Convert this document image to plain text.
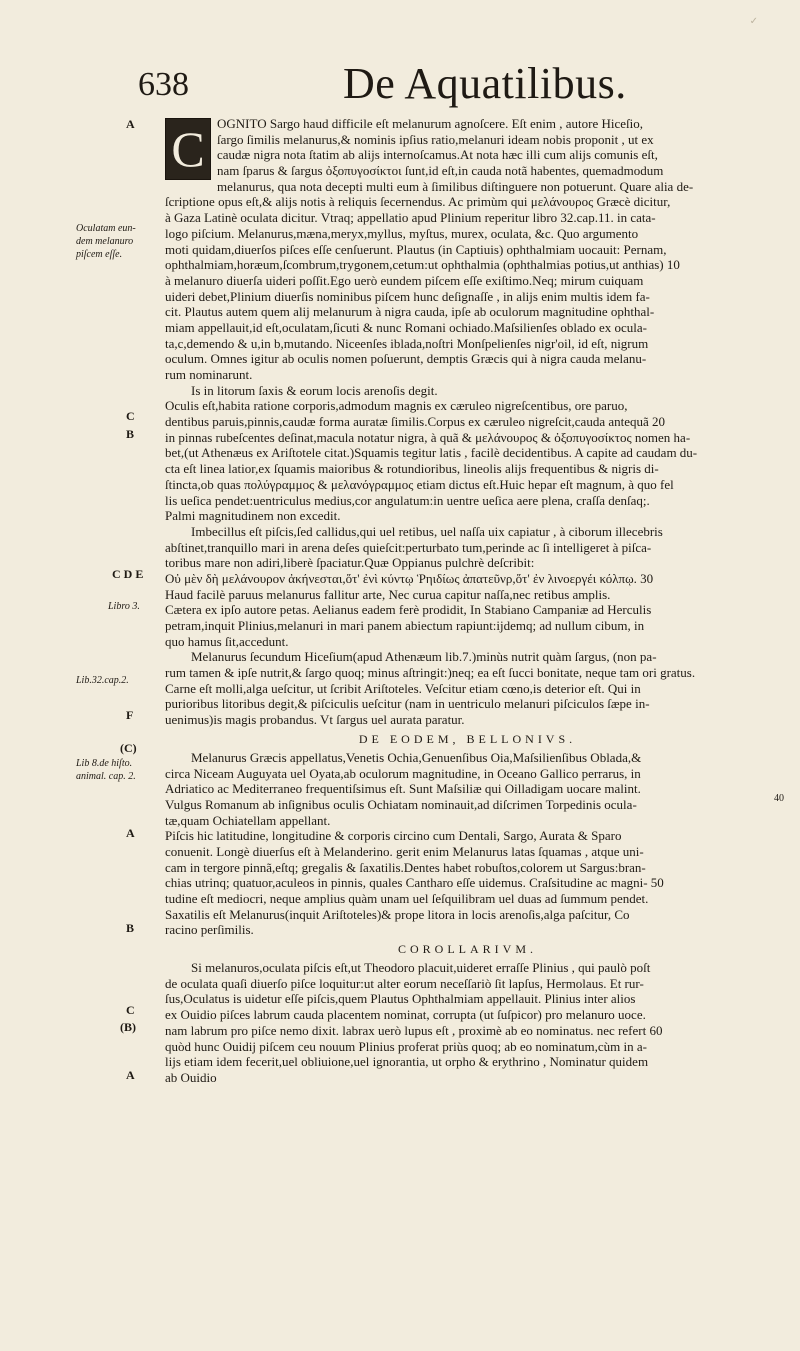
638	De Aquatilibus.
✓
A
C
B
C D E
F
(C)
A
B
C
(B)
A
Oculatam eun- dem melanuro piſcem eſſe.
Libro 3.
Lib.32.cap.2.
Lib 8.de hiſto. animal. cap. 2.
40
C OGNITO Sargo haud difficile eſt melanurum agnoſcere. Eſt enim , autore Hiceſio,
ſargo ſimilis melanurus,& nominis ipſius ratio,melanuri ideam nobis proponit , ut ex
caudæ nigra nota ſtatim ab alijs internoſcamus.At nota hæc illi cum alijs comunis eſt,
nam ſparus & ſargus ὀξοπυγοσίκτοι ſunt,id eſt,in cauda notã habentes, quemadmodum
melanurus, qua nota decepti multi eum à ſimilibus diſtinguere non potuerunt. Quare alia de-
ſcriptione opus eſt,& alijs notis à reliquis ſecernendus. Ac primùm qui μελάνουρος Græcè dicitur,
à Gaza Latinè oculata dicitur. Vtraq; appellatio apud Plinium reperitur libro 32.cap.11. in cata-
logo piſcium. Melanurus,mæna,meryx,myllus, myſtus, murex, oculata, &c. Quo argumento
moti quidam,diuerſos piſces eſſe cenſuerunt. Plautus (in Captiuis) ophthalmiam uocauit: Pernam,
ophthalmiam,horæum,ſcombrum,trygonem,cetum:ut ophthalmia (ophthalmias potius,ut anthias) 10
à melanuro diuerſa uideri poſſit.Ego uerò eundem piſcem eſſe exiſtimo.Neq; mirum cuiquam
uideri debet,Plinium diuerſis nominibus piſcem hunc deſignaſſe , in alijs enim multis idem fa-
cit. Plautus autem quem alij melanurum à nigra cauda, ipſe ab oculorum magnitudine ophthal-
miam appellauit,id eſt,oculatam,ſicuti & nunc Romani ochiado.Maſsilienſes oblado ex ocula-
ta,c,demendo & u,in b,mutando. Niceenſes iblada,noſtri Monſpelienſes nigr'oil, id eſt, nigrum
oculum. Omnes igitur ab oculis nomen poſuerunt, demptis Græcis qui à nigra cauda melanu-
rum nominarunt.
Is in litorum ſaxis & eorum locis arenoſis degit.
Oculis eſt,habita ratione corporis,admodum magnis ex cæruleo nigreſcentibus, ore paruo,
dentibus paruis,pinnis,caudæ forma auratæ ſimilis.Corpus ex cæruleo nigreſcit,cauda antequã 20
in pinnas rubeſcentes deſinat,macula notatur nigra, à quã & μελάνουρος & ὀξοπυγοσίκτος nomen ha-
bet,(ut Athenæus ex Ariſtotele citat.)Squamis tegitur latis , facilè decidentibus. A capite ad caudam du-
cta eſt linea latior,ex ſquamis maioribus & rotundioribus, lineolis alijs frequentibus & nigris di-
ſtincta,ob quas πολύγραμμος & μελανόγραμμος etiam dictus eſt.Huic hepar eſt magnum, à quo fel
lis ueſica pendet:uentriculus medius,cor angulatum:in uentre ueſica aere plena, craſſa denſaq;.
Palmi magnitudinem non excedit.
Imbecillus eſt piſcis,ſed callidus,qui uel retibus, uel naſſa uix capiatur , à ciborum illecebris
abſtinet,tranquillo mari in arena deſes quieſcit:perturbato tum,perinde ac ſi intelligeret à piſca-
toribus mare non adiri,liberè ſpaciatur.Quæ Oppianus pulchrè deſcribit:
Οὐ μὲν δὴ μελάνουρον ἀκήνεσται,ὅτ' ἐνὶ κύντῳ Ῥηιδίως ἀπατεῦνρ,ὅτ' ἐν λινοεργέι κόλπῳ. 30
Haud facilè paruus melanurus fallitur arte, Nec curua capitur naſſa,nec retibus amplis.
Cætera ex ipſo autore petas. Aelianus eadem ferè prodidit, In Stabiano Campaniæ ad Herculis
petram,inquit Plinius,melanuri in mari panem abiectum rapiunt:ijdemq; ad nullum cibum, in
quo hamus ſit,accedunt.
Melanurus ſecundum Hiceſium(apud Athenæum lib.7.)minùs nutrit quàm ſargus, (non pa-
rum tamen & ipſe nutrit,& ſargo quoq; minus aſtringit:)neq; ea eſt ſucci bonitate, neque tam ori gratus.
Carne eſt molli,alga ueſcitur, ut ſcribit Ariſtoteles. Veſcitur etiam cœno,is deterior eſt. Qui in
purioribus litoribus degit,& piſciculis ueſcitur (nam in uentriculo melanuri piſciculos ſæpe in-
uenimus)is magis probandus. Vt ſargus uel aurata paratur.
DE EODEM, BELLONIVS.
Melanurus Græcis appellatus,Venetis Ochia,Genuenſibus Oia,Maſsilienſibus Oblada,&
circa Niceam Auguyata uel Oyata,ab oculorum magnitudine, in Oceano Gallico perrarus, in
Adriatico ac Mediterraneo frequentiſsimus eſt. Sunt Maſsiliæ qui Oilladigam uocare malint.
Vulgus Romanum ab inſignibus oculis Ochiatam nominauit,ad diſcrimen Torpedinis ocula-
tæ,quam Ochiatellam appellant.
Piſcis hic latitudine, longitudine & corporis circino cum Dentali, Sargo, Aurata & Sparo
conuenit. Longè diuerſus eſt à Melanderino. gerit enim Melanurus latas ſquamas , atque uni-
cam in tergore pinnã,eſtq; gregalis & ſaxatilis.Dentes habet robuſtos,colorem ut Sargus:bran-
chias utrinq; quatuor,aculeos in pinnis, quales Cantharo eſſe uidemus. Craſsitudine ac magni- 50
tudine eſt mediocri, neque amplius quàm unam uel ſeſquilibram uel duas ad ſummum pendet.
Saxatilis eſt Melanurus(inquit Ariſtoteles)& prope litora in locis arenoſis,alga paſcitur, Co
racino perſimilis.
COROLLARIVM.
Si melanuros,oculata piſcis eſt,ut Theodoro placuit,uideret erraſſe Plinius , qui paulò poſt
de oculata quaſi diuerſo piſce loquitur:ut alter eorum neceſſariò ſit lapſus, Hermolaus. Et rur-
ſus,Oculatus is uidetur eſſe piſcis,quem Plautus Ophthalmiam appellauit. Plinius inter alios
ex Ouidio piſces labrum cauda placentem nominat, corrupta (ut ſuſpicor) pro melanuro uoce.
nam labrum pro piſce nemo dixit. labrax uerò lupus eſt , proximè ab eo nominatus. nec refert 60
quòd hunc Ouidij piſcem ceu nouum Plinius proferat priùs quoq; ab eo nominatum,cùm in a-
lijs etiam idem fecerit,uel obliuione,uel ignorantia, ut orpho & erythrino , Nominatur quidem
ab Ouidio
